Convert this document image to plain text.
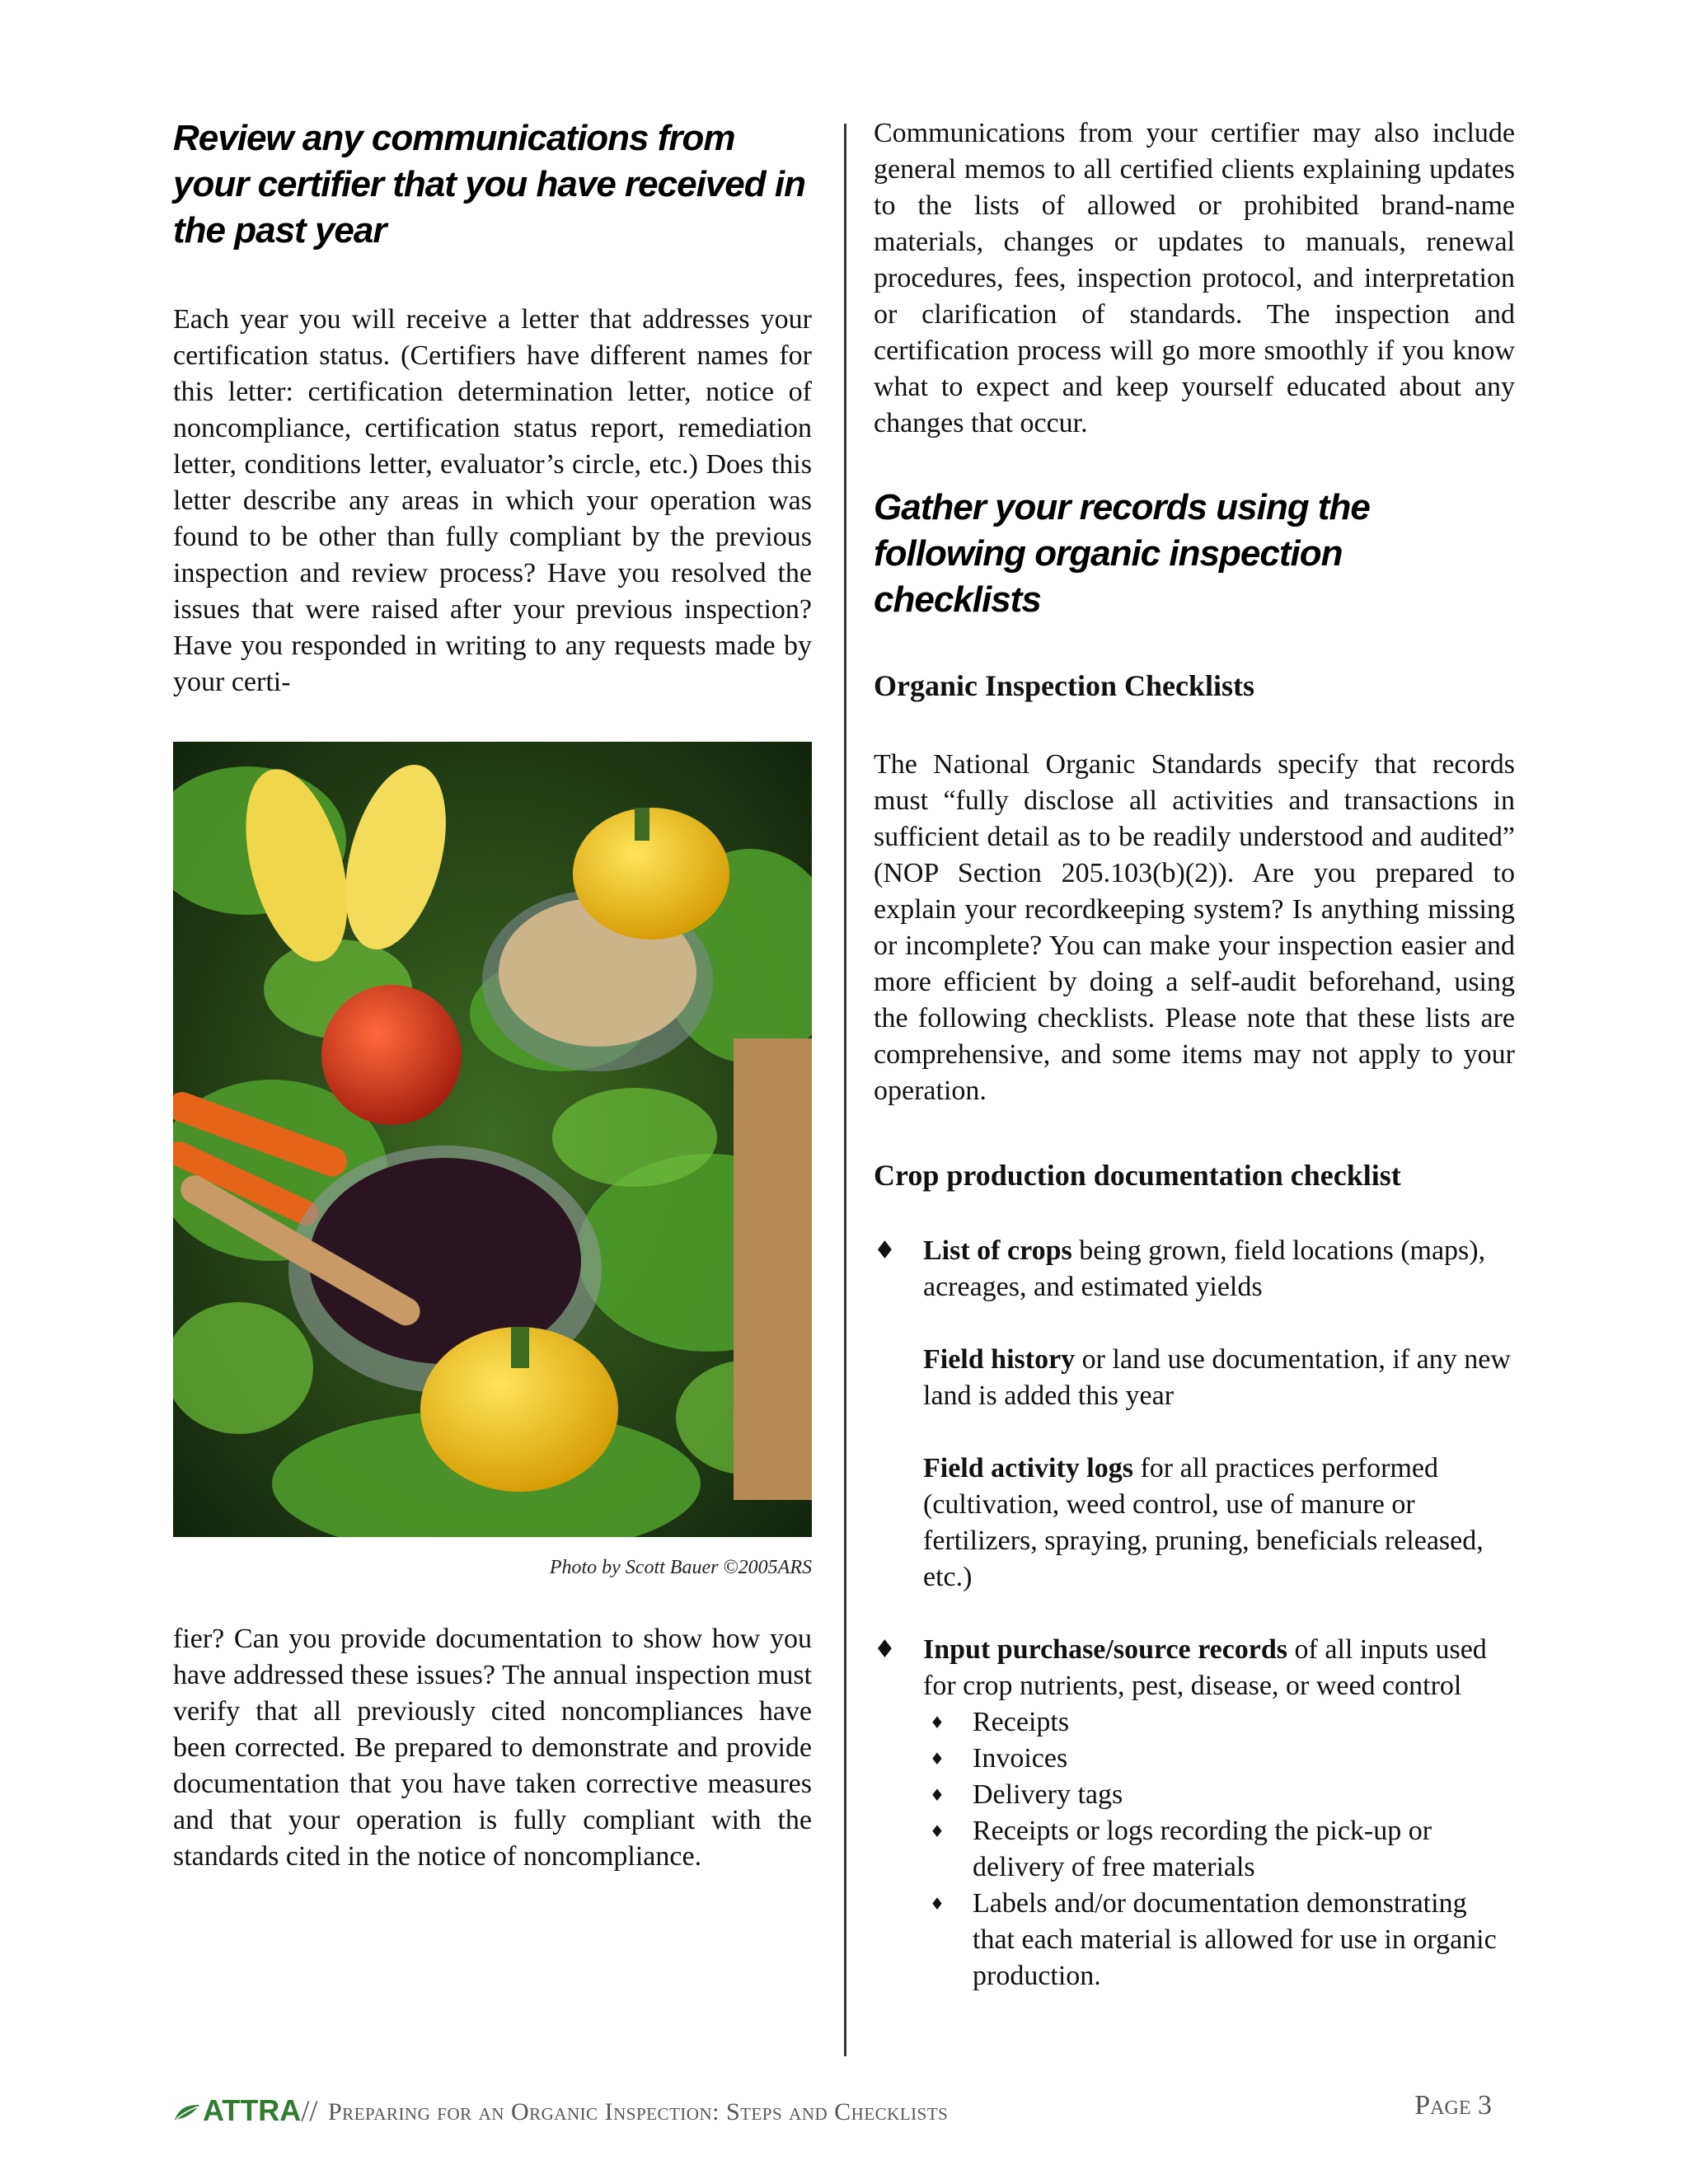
Review any communications from your certifier that you have received in the past year

Each year you will receive a letter that addresses your certification status. (Certifiers have different names for this letter: certification determination letter, notice of noncompliance, certification status report, remediation letter, conditions letter, evaluator’s circle, etc.) Does this letter describe any areas in which your operation was found to be other than fully compliant by the previous inspection and review process? Have you resolved the issues that were raised after your previous inspection? Have you responded in writing to any requests made by your certi-

Photo by Scott Bauer ©2005ARS

fier? Can you provide documentation to show how you have addressed these issues? The annual inspection must verify that all previously cited noncompliances have been corrected. Be prepared to demonstrate and provide documentation that you have taken corrective measures and that your operation is fully compliant with the standards cited in the notice of noncompliance.

Communications from your certifier may also include general memos to all certified clients explaining updates to the lists of allowed or prohibited brand-name materials, changes or updates to manuals, renewal procedures, fees, inspection protocol, and interpretation or clarification of standards. The inspection and certification process will go more smoothly if you know what to expect and keep yourself educated about any changes that occur.

Gather your records using the following organic inspection checklists
Organic Inspection Checklists

The National Organic Standards specify that records must “fully disclose all activities and transactions in sufficient detail as to be readily understood and audited” (NOP Section 205.103(b)(2)). Are you prepared to explain your recordkeeping system? Is anything missing or incomplete? You can make your inspection easier and more efficient by doing a self-audit beforehand, using the following checklists. Please note that these lists are comprehensive, and some items may not apply to your operation.

Crop production documentation checklist
♦ List of crops being grown, field locations (maps), acreages, and estimated yields

Field history or land use documentation, if any new land is added this year

Field activity logs for all practices performed (cultivation, weed control, use of manure or fertilizers, spraying, pruning, beneficials released, etc.)

♦ Input purchase/source records of all inputs used for crop nutrients, pest, disease, or weed control

♦ Receipts
♦ Invoices
♦ Delivery tags
♦ Receipts or logs recording the pick-up or delivery of free materials
♦ Labels and/or documentation demonstrating that each material is allowed for use in organic production.
ATTRA// Preparing for an Organic Inspection: Steps and Checklists	Page 3
